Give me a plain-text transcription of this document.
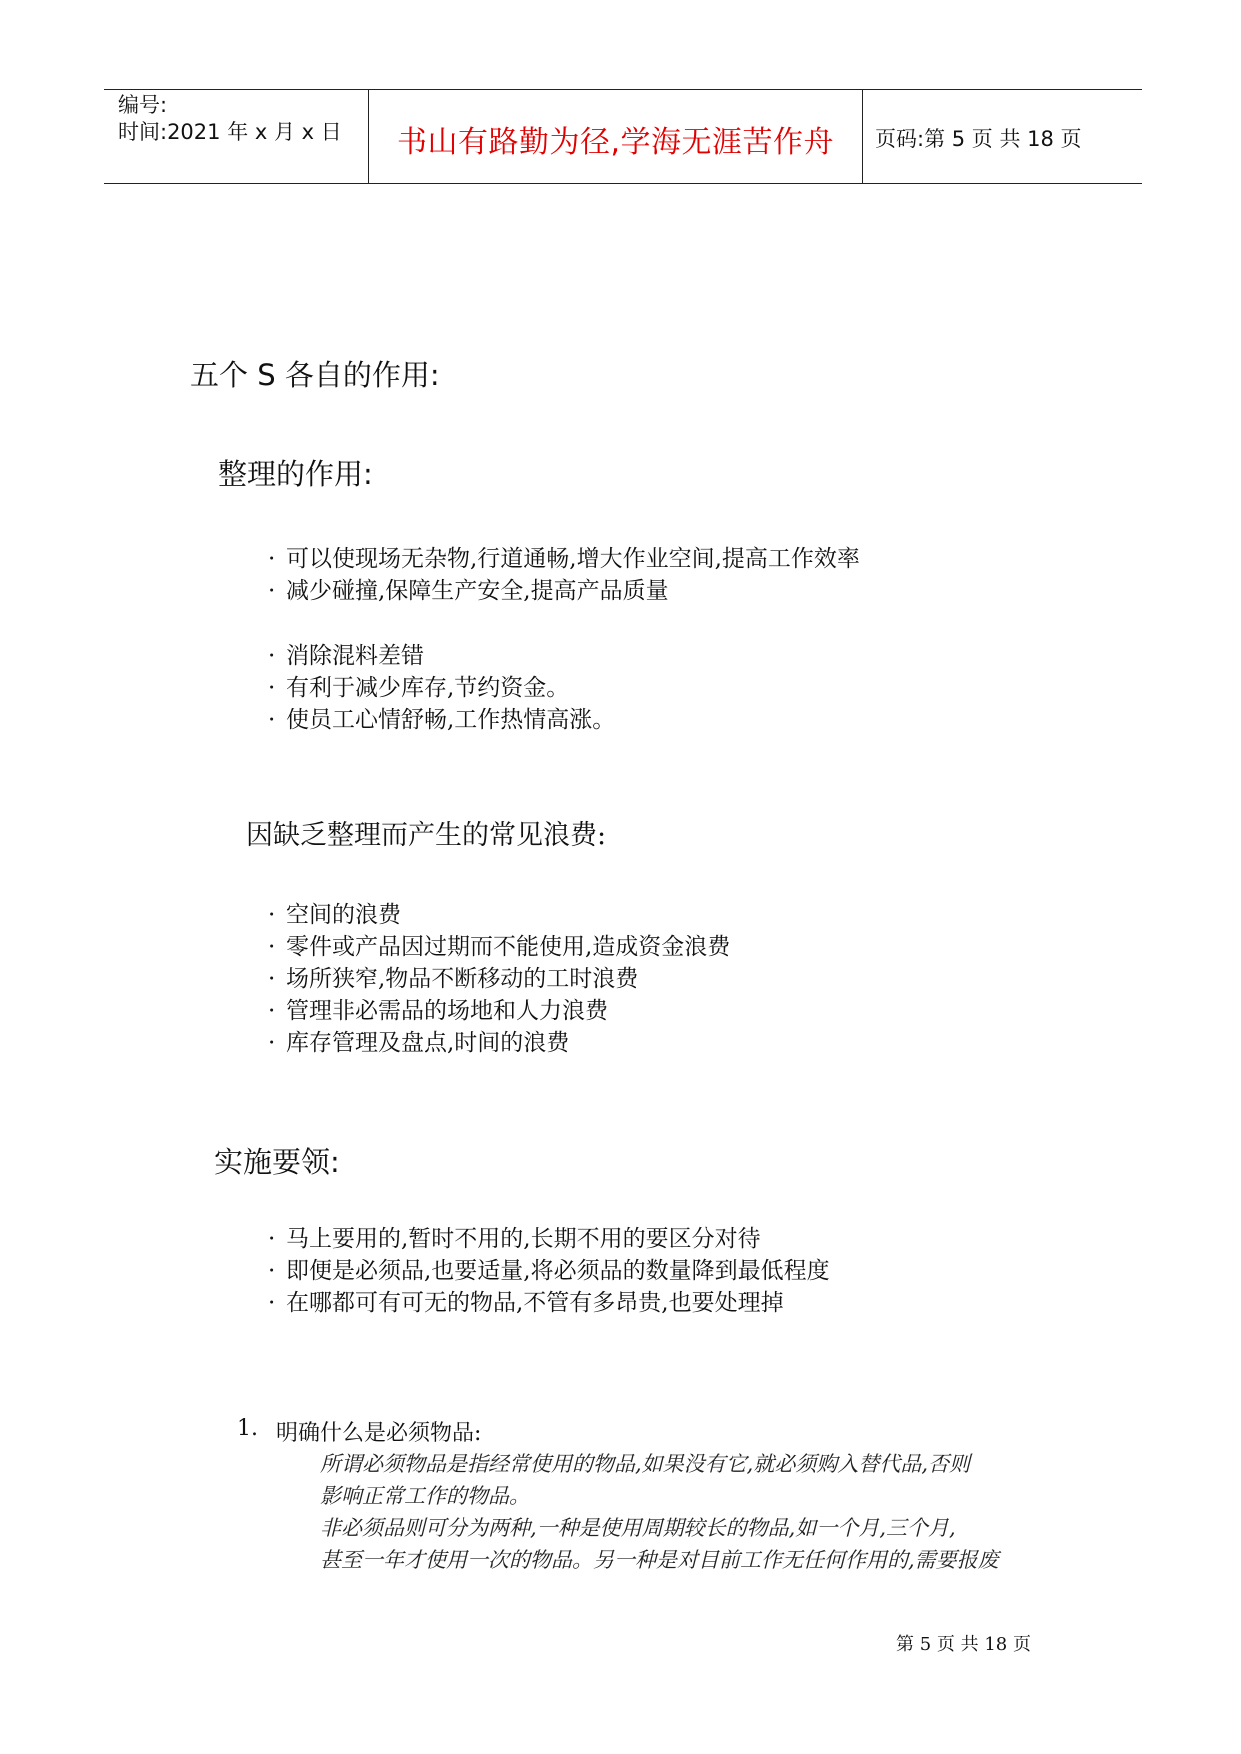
编号:
时间:2021 年 x 月 x 日	书山有路勤为径,学海无涯苦作舟	页码:第 5 页 共 18 页
五个 S 各自的作用:
整理的作用:
· 可以使现场无杂物,行道通畅,增大作业空间,提高工作效率
· 减少碰撞,保障生产安全,提高产品质量
· 消除混料差错
· 有利于减少库存,节约资金。
· 使员工心情舒畅,工作热情高涨。
因缺乏整理而产生的常见浪费:
· 空间的浪费
· 零件或产品因过期而不能使用,造成资金浪费
· 场所狭窄,物品不断移动的工时浪费
· 管理非必需品的场地和人力浪费
· 库存管理及盘点,时间的浪费
实施要领:
· 马上要用的,暂时不用的,长期不用的要区分对待
· 即便是必须品,也要适量,将必须品的数量降到最低程度
· 在哪都可有可无的物品,不管有多昂贵,也要处理掉
1. 明确什么是必须物品:
所谓必须物品是指经常使用的物品,如果没有它,就必须购入替代品,否则
影响正常工作的物品。
非必须品则可分为两种,一种是使用周期较长的物品,如一个月,三个月,
甚至一年才使用一次的物品。另一种是对目前工作无任何作用的,需要报废
第 5 页 共 18 页
